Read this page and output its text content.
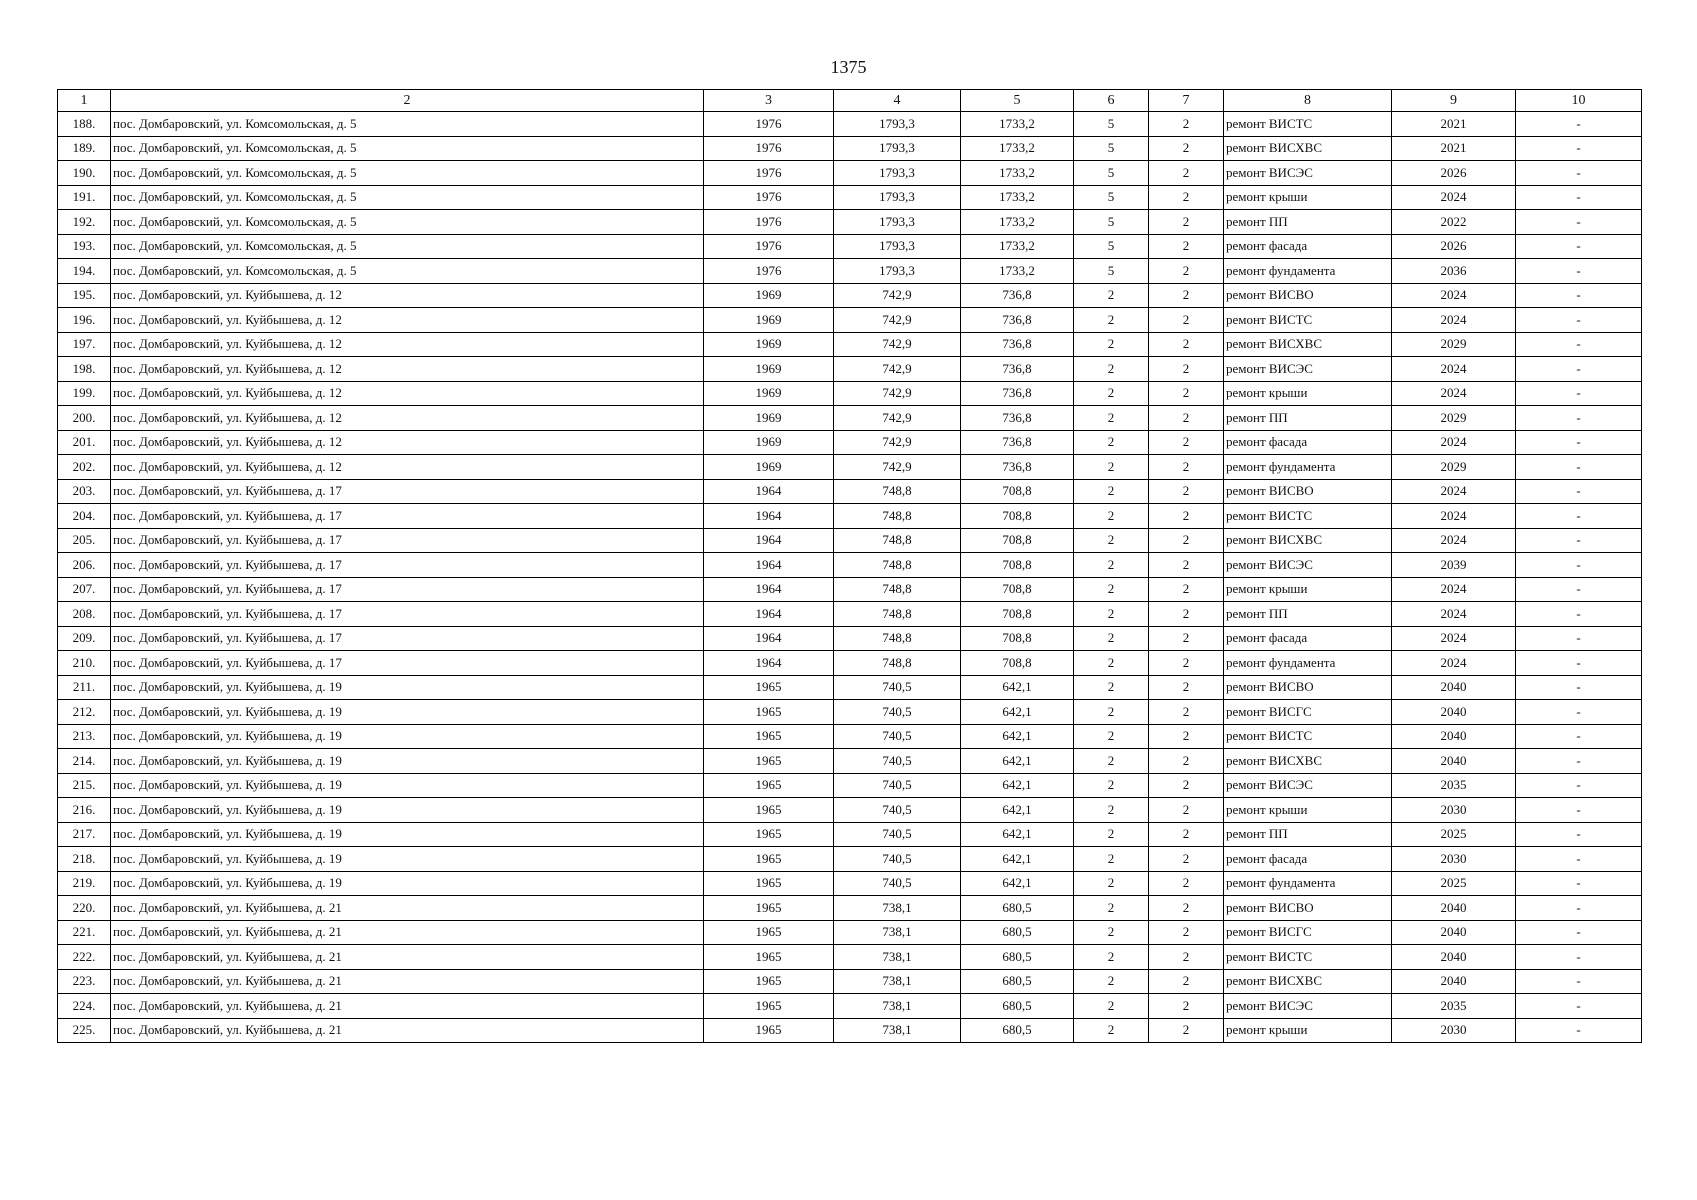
1375
1	2	3	4	5	6	7	8	9	10
188.	пос. Домбаровский, ул. Комсомольская, д. 5	1976	1793,3	1733,2	5	2	ремонт ВИСТС	2021	-
189.	пос. Домбаровский, ул. Комсомольская, д. 5	1976	1793,3	1733,2	5	2	ремонт ВИСХВС	2021	-
190.	пос. Домбаровский, ул. Комсомольская, д. 5	1976	1793,3	1733,2	5	2	ремонт ВИСЭС	2026	-
191.	пос. Домбаровский, ул. Комсомольская, д. 5	1976	1793,3	1733,2	5	2	ремонт крыши	2024	-
192.	пос. Домбаровский, ул. Комсомольская, д. 5	1976	1793,3	1733,2	5	2	ремонт ПП	2022	-
193.	пос. Домбаровский, ул. Комсомольская, д. 5	1976	1793,3	1733,2	5	2	ремонт фасада	2026	-
194.	пос. Домбаровский, ул. Комсомольская, д. 5	1976	1793,3	1733,2	5	2	ремонт фундамента	2036	-
195.	пос. Домбаровский, ул. Куйбышева, д. 12	1969	742,9	736,8	2	2	ремонт ВИСВО	2024	-
196.	пос. Домбаровский, ул. Куйбышева, д. 12	1969	742,9	736,8	2	2	ремонт ВИСТС	2024	-
197.	пос. Домбаровский, ул. Куйбышева, д. 12	1969	742,9	736,8	2	2	ремонт ВИСХВС	2029	-
198.	пос. Домбаровский, ул. Куйбышева, д. 12	1969	742,9	736,8	2	2	ремонт ВИСЭС	2024	-
199.	пос. Домбаровский, ул. Куйбышева, д. 12	1969	742,9	736,8	2	2	ремонт крыши	2024	-
200.	пос. Домбаровский, ул. Куйбышева, д. 12	1969	742,9	736,8	2	2	ремонт ПП	2029	-
201.	пос. Домбаровский, ул. Куйбышева, д. 12	1969	742,9	736,8	2	2	ремонт фасада	2024	-
202.	пос. Домбаровский, ул. Куйбышева, д. 12	1969	742,9	736,8	2	2	ремонт фундамента	2029	-
203.	пос. Домбаровский, ул. Куйбышева, д. 17	1964	748,8	708,8	2	2	ремонт ВИСВО	2024	-
204.	пос. Домбаровский, ул. Куйбышева, д. 17	1964	748,8	708,8	2	2	ремонт ВИСТС	2024	-
205.	пос. Домбаровский, ул. Куйбышева, д. 17	1964	748,8	708,8	2	2	ремонт ВИСХВС	2024	-
206.	пос. Домбаровский, ул. Куйбышева, д. 17	1964	748,8	708,8	2	2	ремонт ВИСЭС	2039	-
207.	пос. Домбаровский, ул. Куйбышева, д. 17	1964	748,8	708,8	2	2	ремонт крыши	2024	-
208.	пос. Домбаровский, ул. Куйбышева, д. 17	1964	748,8	708,8	2	2	ремонт ПП	2024	-
209.	пос. Домбаровский, ул. Куйбышева, д. 17	1964	748,8	708,8	2	2	ремонт фасада	2024	-
210.	пос. Домбаровский, ул. Куйбышева, д. 17	1964	748,8	708,8	2	2	ремонт фундамента	2024	-
211.	пос. Домбаровский, ул. Куйбышева, д. 19	1965	740,5	642,1	2	2	ремонт ВИСВО	2040	-
212.	пос. Домбаровский, ул. Куйбышева, д. 19	1965	740,5	642,1	2	2	ремонт ВИСГС	2040	-
213.	пос. Домбаровский, ул. Куйбышева, д. 19	1965	740,5	642,1	2	2	ремонт ВИСТС	2040	-
214.	пос. Домбаровский, ул. Куйбышева, д. 19	1965	740,5	642,1	2	2	ремонт ВИСХВС	2040	-
215.	пос. Домбаровский, ул. Куйбышева, д. 19	1965	740,5	642,1	2	2	ремонт ВИСЭС	2035	-
216.	пос. Домбаровский, ул. Куйбышева, д. 19	1965	740,5	642,1	2	2	ремонт крыши	2030	-
217.	пос. Домбаровский, ул. Куйбышева, д. 19	1965	740,5	642,1	2	2	ремонт ПП	2025	-
218.	пос. Домбаровский, ул. Куйбышева, д. 19	1965	740,5	642,1	2	2	ремонт фасада	2030	-
219.	пос. Домбаровский, ул. Куйбышева, д. 19	1965	740,5	642,1	2	2	ремонт фундамента	2025	-
220.	пос. Домбаровский, ул. Куйбышева, д. 21	1965	738,1	680,5	2	2	ремонт ВИСВО	2040	-
221.	пос. Домбаровский, ул. Куйбышева, д. 21	1965	738,1	680,5	2	2	ремонт ВИСГС	2040	-
222.	пос. Домбаровский, ул. Куйбышева, д. 21	1965	738,1	680,5	2	2	ремонт ВИСТС	2040	-
223.	пос. Домбаровский, ул. Куйбышева, д. 21	1965	738,1	680,5	2	2	ремонт ВИСХВС	2040	-
224.	пос. Домбаровский, ул. Куйбышева, д. 21	1965	738,1	680,5	2	2	ремонт ВИСЭС	2035	-
225.	пос. Домбаровский, ул. Куйбышева, д. 21	1965	738,1	680,5	2	2	ремонт крыши	2030	-
